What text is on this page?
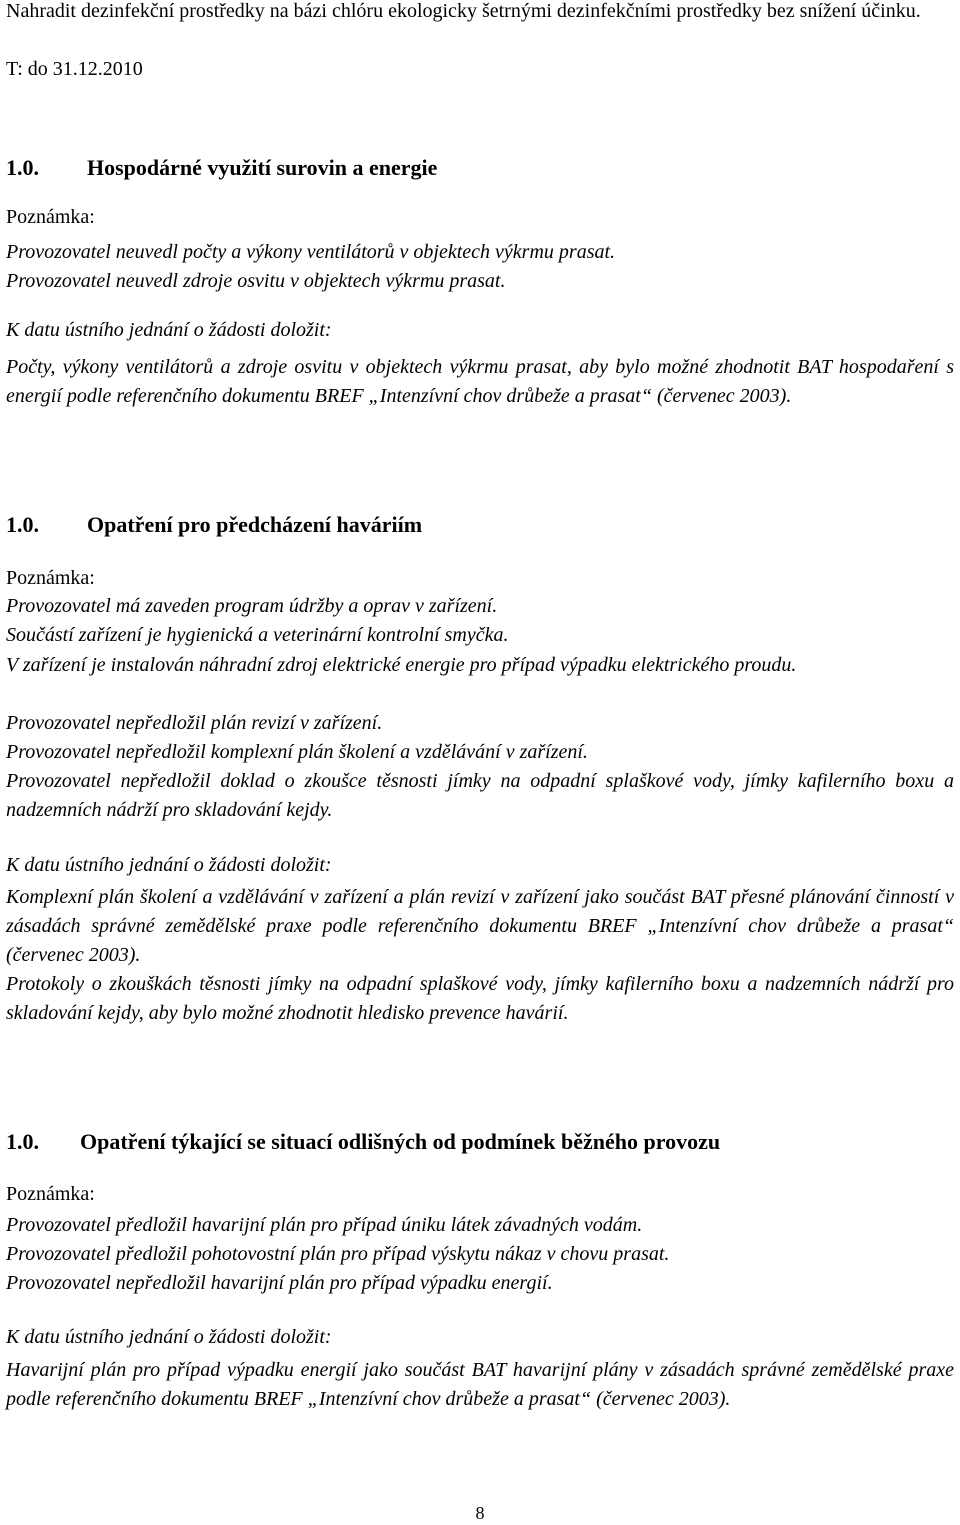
Nahradit dezinfekční prostředky na bázi chlóru ekologicky šetrnými dezinfekčními prostředky bez snížení účinku.

T: do 31.12.2010

1.0. Hospodárné využití surovin a energie

Poznámka:

Provozovatel neuvedl počty a výkony ventilátorů v objektech výkrmu prasat.

Provozovatel neuvedl zdroje osvitu v objektech výkrmu prasat.

K datu ústního jednání o žádosti doložit:

Počty, výkony ventilátorů a zdroje osvitu v objektech výkrmu prasat, aby bylo možné zhodnotit BAT hospodaření s energií podle referenčního dokumentu BREF „Intenzívní chov drůbeže a prasat“ (červenec 2003).

1.0. Opatření pro předcházení haváriím

Poznámka:

Provozovatel má zaveden program údržby a oprav v zařízení.

Součástí zařízení je hygienická a veterinární kontrolní smyčka.

V zařízení je instalován náhradní zdroj elektrické energie pro případ výpadku elektrického proudu.

Provozovatel nepředložil plán revizí v zařízení.

Provozovatel nepředložil komplexní plán školení a vzdělávání v zařízení.

Provozovatel nepředložil doklad o zkoušce těsnosti jímky na odpadní splaškové vody, jímky kafilerního boxu a nadzemních nádrží pro skladování kejdy.

K datu ústního jednání o žádosti doložit:

Komplexní plán školení a vzdělávání v zařízení a plán revizí v zařízení jako součást BAT přesné plánování činností v zásadách správné zemědělské praxe podle referenčního dokumentu BREF „Intenzívní chov drůbeže a prasat“ (červenec 2003).

Protokoly o zkouškách těsnosti jímky na odpadní splaškové vody, jímky kafilerního boxu a nadzemních nádrží pro skladování kejdy, aby bylo možné zhodnotit hledisko prevence havárií.

1.0. Opatření týkající se situací odlišných od podmínek běžného provozu

Poznámka:

Provozovatel předložil havarijní plán pro případ úniku látek závadných vodám.

Provozovatel předložil pohotovostní plán pro případ výskytu nákaz v chovu prasat.

Provozovatel nepředložil havarijní plán pro případ výpadku energií.

K datu ústního jednání o žádosti doložit:

Havarijní plán pro případ výpadku energií jako součást BAT havarijní plány v zásadách správné zemědělské praxe podle referenčního dokumentu BREF „Intenzívní chov drůbeže a prasat“ (červenec 2003).

8
